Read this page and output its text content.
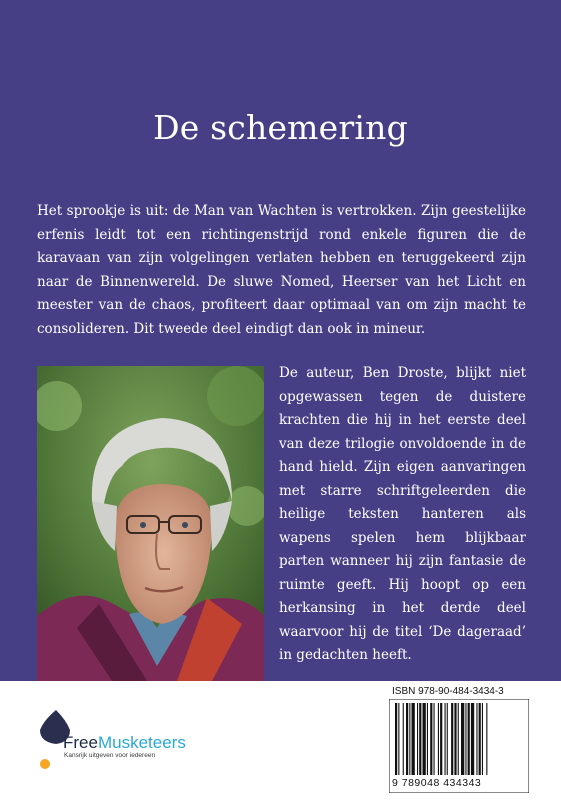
De schemering

Het sprookje is uit: de Man van Wachten is vertrokken. Zijn geestelijke erfenis leidt tot een richtingenstrijd rond enkele figuren die de karavaan van zijn volgelingen verlaten hebben en teruggekeerd zijn naar de Binnenwereld. De sluwe Nomed, Heerser van het Licht en meester van de chaos, profiteert daar optimaal van om zijn macht te consolideren. Dit tweede deel eindigt dan ook in mineur.

De auteur, Ben Droste, blijkt niet opgewassen tegen de duistere krachten die hij in het eerste deel van deze trilogie onvoldoende in de hand hield. Zijn eigen aanvaringen met starre schriftgeleerden die heilige teksten hanteren als wapens spelen hem blijkbaar parten wanneer hij zijn fantasie de ruimte geeft. Hij hoopt op een herkansing in het derde deel waarvoor hij de titel ‘De dageraad’ in gedachten heeft.

FreeMusketeers
Kansrijk uitgeven voor iedereen
ISBN 978-90-484-3434-3
9 789048 434343
